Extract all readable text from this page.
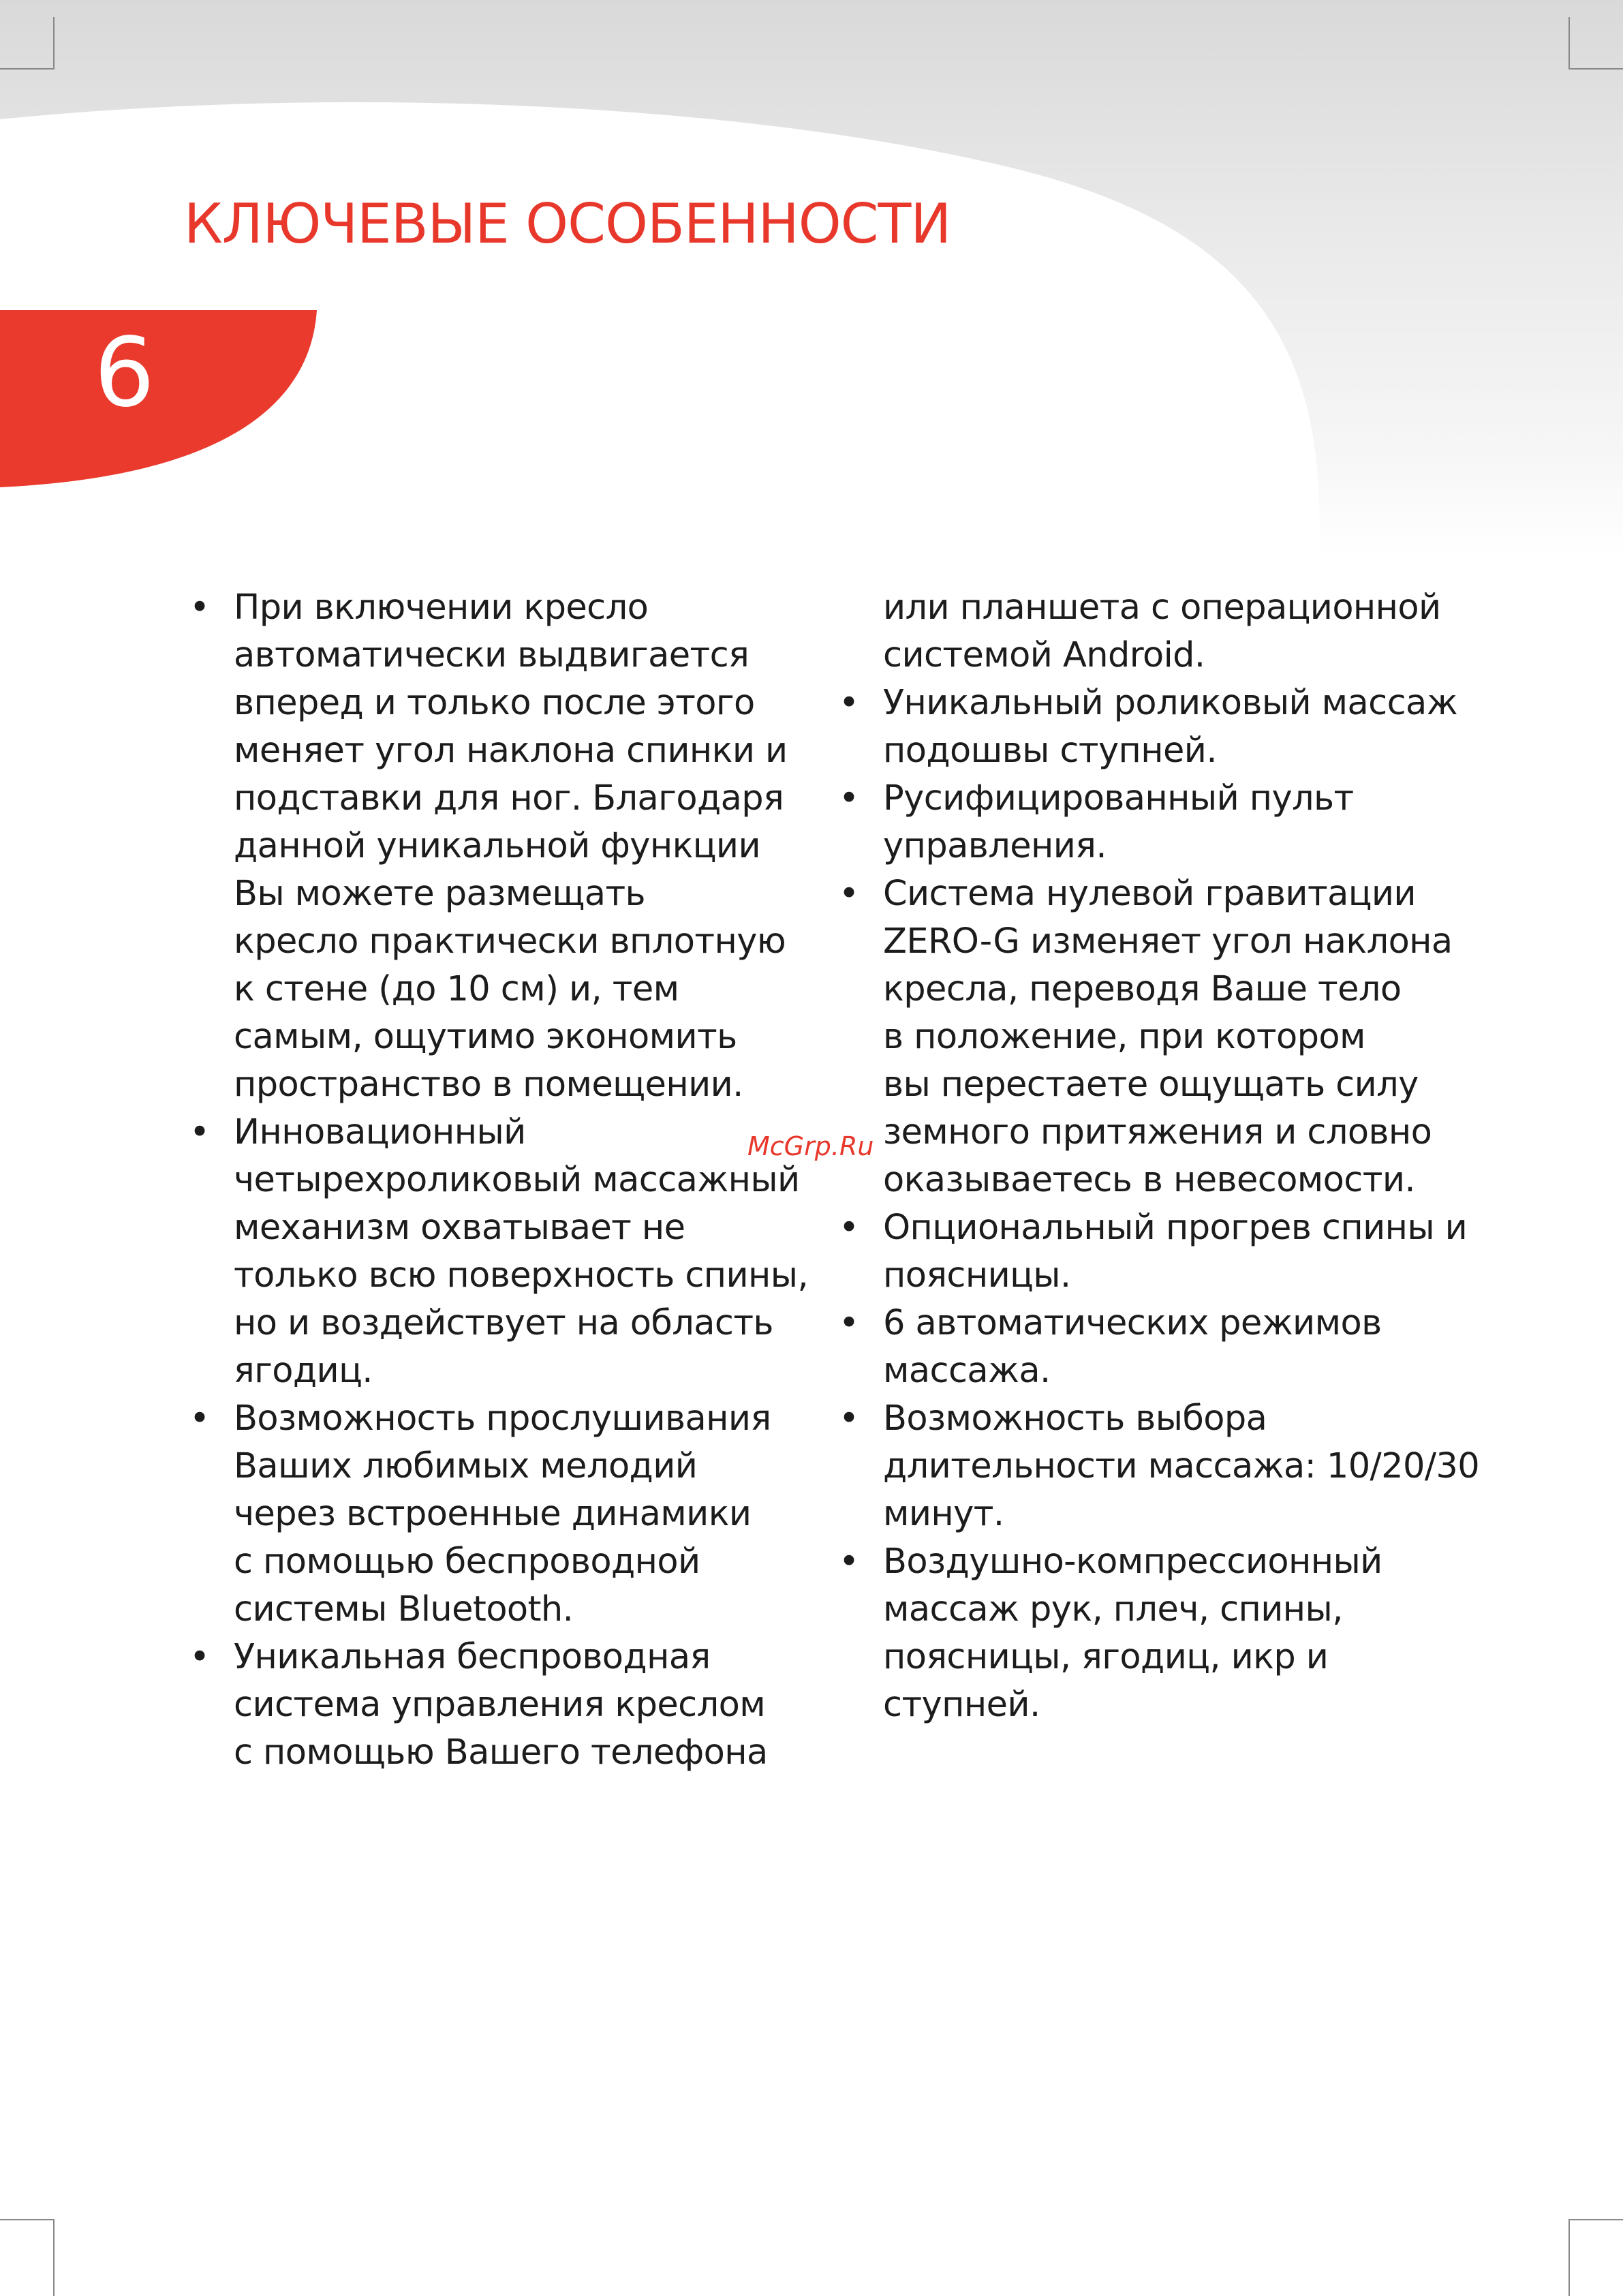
КЛЮЧЕВЫЕ ОСОБЕННОСТИ
6
• При включении кресло
автоматически выдвигается
вперед и только после этого
меняет угол наклона спинки и
подставки для ног. Благодаря
данной уникальной функции
Вы можете размещать
кресло практически вплотную
к стене (до 10 см) и, тем
самым, ощутимо экономить
пространство в помещении.
• Инновационный
четырехроликовый массажный
механизм охватывает не
только всю поверхность спины,
но и воздействует на область
ягодиц.
• Возможность прослушивания
Ваших любимых мелодий
через встроенные динамики
с помощью беспроводной
системы Bluetooth.
• Уникальная беспроводная
система управления креслом
с помощью Вашего телефона
или планшета с операционной
системой Android.
• Уникальный роликовый массаж
подошвы ступней.
• Русифицированный пульт
управления.
• Система нулевой гравитации
ZERO-G изменяет угол наклона
кресла, переводя Ваше тело
в положение, при котором
вы перестаете ощущать силу
земного притяжения и словно
оказываетесь в невесомости.
• Опциональный прогрев спины и
поясницы.
• 6 автоматических режимов
массажа.
• Возможность выбора
длительности массажа: 10/20/30
минут.
• Воздушно-компрессионный
массаж рук, плеч, спины,
поясницы, ягодиц, икр и
ступней.
McGrp.Ru
